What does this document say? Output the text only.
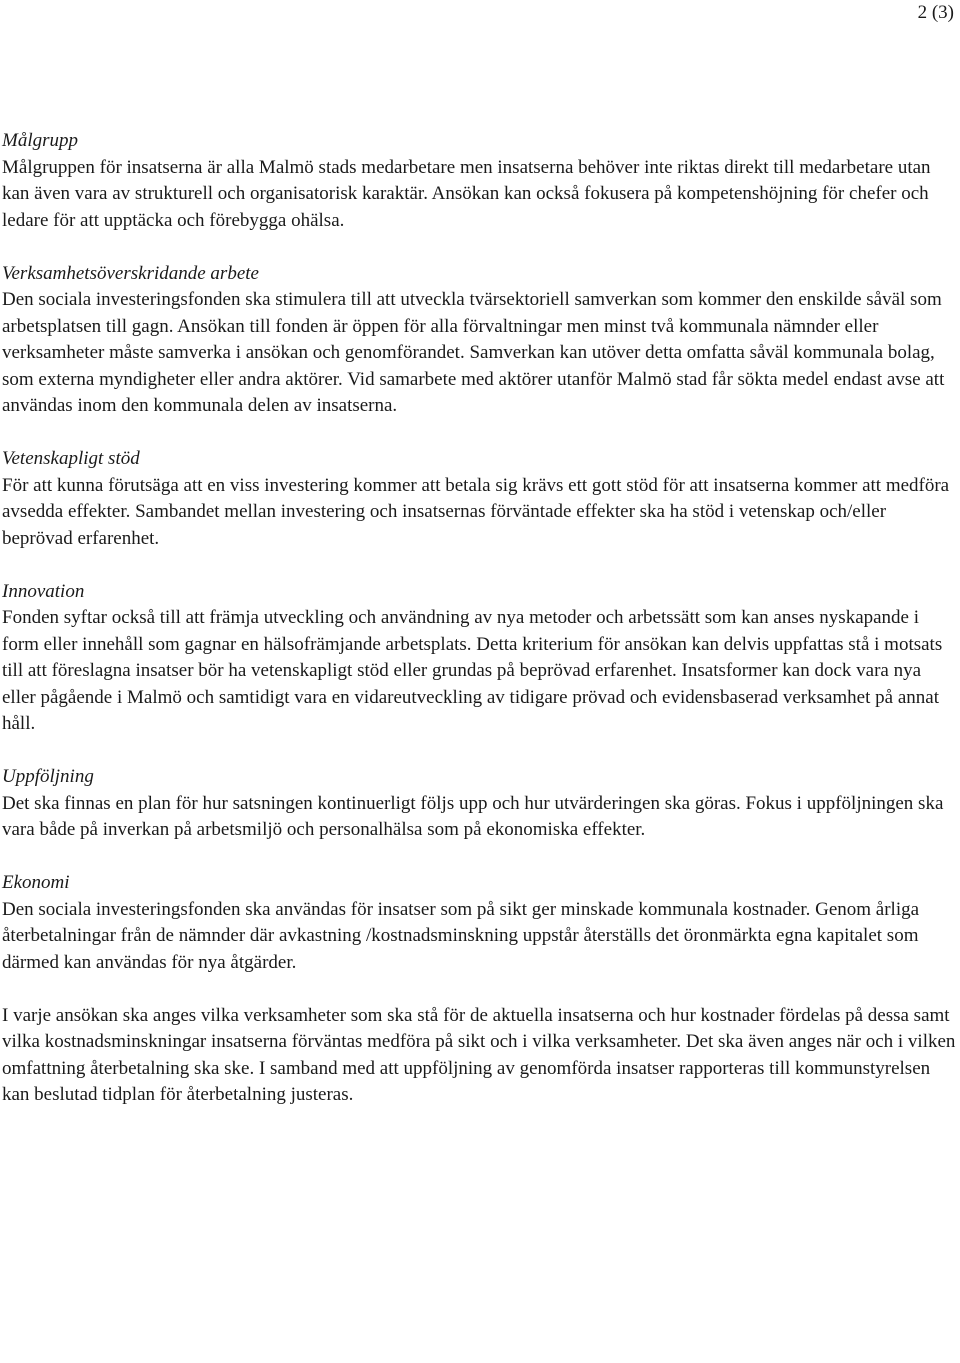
2 (3)

Målgrupp

Målgruppen för insatserna är alla Malmö stads medarbetare men insatserna behöver inte riktas direkt till medarbetare utan kan även vara av strukturell och organisatorisk karaktär. Ansökan kan också fokusera på kompetenshöjning för chefer och ledare för att upptäcka och förebygga ohälsa.

Verksamhetsöverskridande arbete

Den sociala investeringsfonden ska stimulera till att utveckla tvärsektoriell samverkan som kommer den enskilde såväl som arbetsplatsen till gagn. Ansökan till fonden är öppen för alla förvaltningar men minst två kommunala nämnder eller verksamheter måste samverka i ansökan och genomförandet. Samverkan kan utöver detta omfatta såväl kommunala bolag, som externa myndigheter eller andra aktörer. Vid samarbete med aktörer utanför Malmö stad får sökta medel endast avse att användas inom den kommunala delen av insatserna.

Vetenskapligt stöd

För att kunna förutsäga att en viss investering kommer att betala sig krävs ett gott stöd för att insatserna kommer att medföra avsedda effekter. Sambandet mellan investering och insatsernas förväntade effekter ska ha stöd i vetenskap och/eller beprövad erfarenhet.

Innovation

Fonden syftar också till att främja utveckling och användning av nya metoder och arbetssätt som kan anses nyskapande i form eller innehåll som gagnar en hälsofrämjande arbetsplats. Detta kriterium för ansökan kan delvis uppfattas stå i motsats till att föreslagna insatser bör ha vetenskapligt stöd eller grundas på beprövad erfarenhet. Insatsformer kan dock vara nya eller pågående i Malmö och samtidigt vara en vidareutveckling av tidigare prövad och evidensbaserad verksamhet på annat håll.

Uppföljning

Det ska finnas en plan för hur satsningen kontinuerligt följs upp och hur utvärderingen ska göras. Fokus i uppföljningen ska vara både på inverkan på arbetsmiljö och personalhälsa som på ekonomiska effekter.

Ekonomi

Den sociala investeringsfonden ska användas för insatser som på sikt ger minskade kommunala kostnader. Genom årliga återbetalningar från de nämnder där avkastning /kostnadsminskning uppstår återställs det öronmärkta egna kapitalet som därmed kan användas för nya åtgärder.

I varje ansökan ska anges vilka verksamheter som ska stå för de aktuella insatserna och hur kostnader fördelas på dessa samt vilka kostnadsminskningar insatserna förväntas medföra på sikt och i vilka verksamheter. Det ska även anges när och i vilken omfattning återbetalning ska ske. I samband med att uppföljning av genomförda insatser rapporteras till kommunstyrelsen kan beslutad tidplan för återbetalning justeras.
